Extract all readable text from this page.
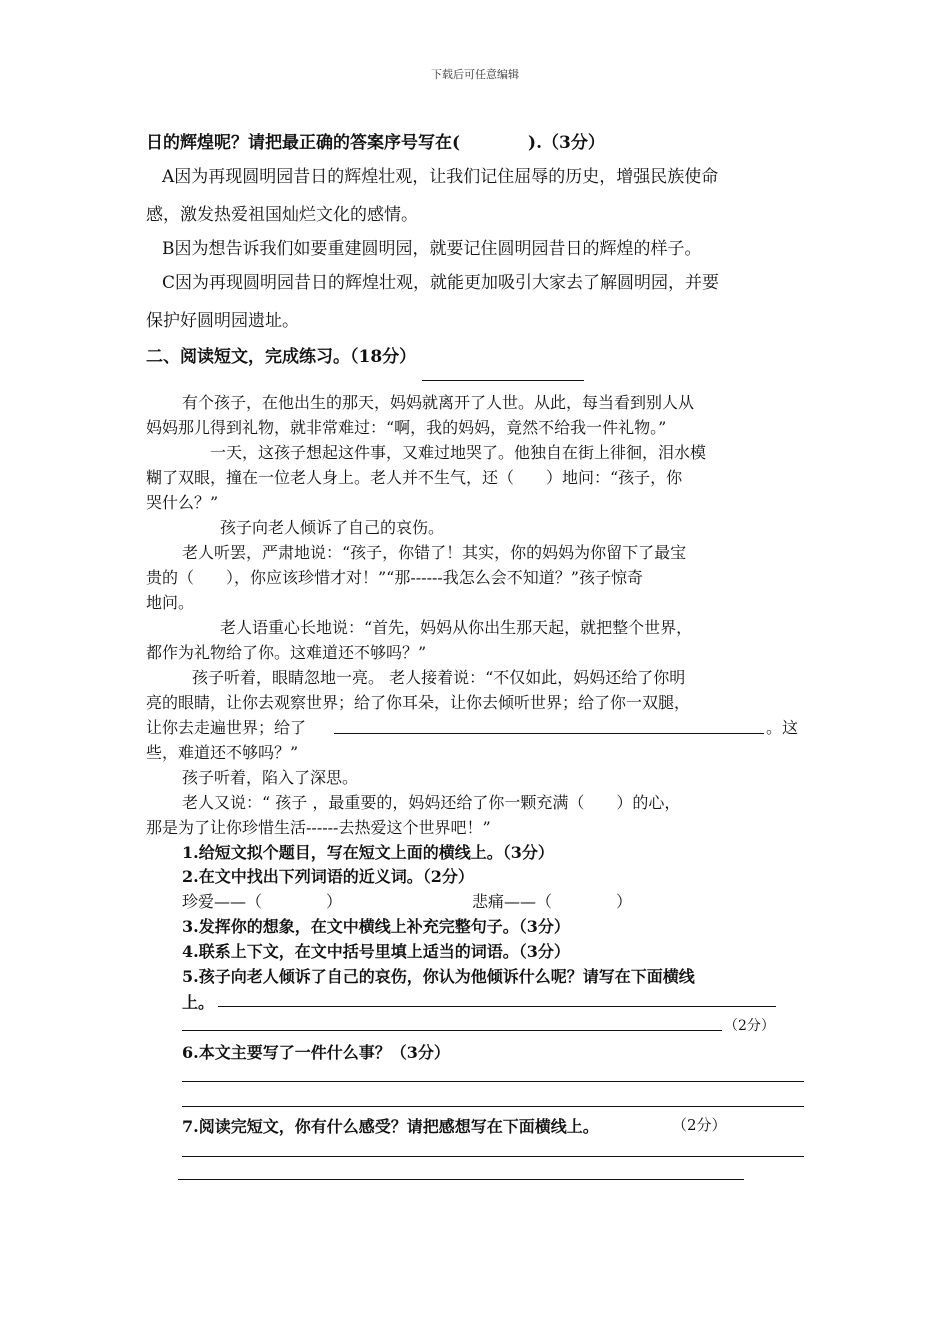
下载后可任意编辑
日的辉煌呢？请把最正确的答案序号写在(　　　　).（3分）
A因为再现圆明园昔日的辉煌壮观，让我们记住屈辱的历史，增强民族使命
感，激发热爱祖国灿烂文化的感情。
B因为想告诉我们如要重建圆明园，就要记住圆明园昔日的辉煌的样子。
C因为再现圆明园昔日的辉煌壮观，就能更加吸引大家去了解圆明园，并要
保护好圆明园遗址。
二、阅读短文，完成练习。（18分）
有个孩子，在他出生的那天，妈妈就离开了人世。从此，每当看到别人从
妈妈那儿得到礼物，就非常难过：“啊，我的妈妈，竟然不给我一件礼物。”
一天，这孩子想起这件事，又难过地哭了。他独自在街上徘徊，泪水模
糊了双眼，撞在一位老人身上。老人并不生气，还（　　）地问：“孩子，你
哭什么？”
孩子向老人倾诉了自己的哀伤。
老人听罢，严肃地说：“孩子，你错了！其实，你的妈妈为你留下了最宝
贵的（　　），你应该珍惜才对！”“那------我怎么会不知道？”孩子惊奇
地问。
老人语重心长地说：“首先，妈妈从你出生那天起，就把整个世界，
都作为礼物给了你。这难道还不够吗？”
孩子听着，眼睛忽地一亮。 老人接着说：“不仅如此，妈妈还给了你明
亮的眼睛，让你去观察世界；给了你耳朵，让你去倾听世界；给了你一双腿，
让你去走遍世界；给了	。这
些，难道还不够吗？”
孩子听着，陷入了深思。
老人又说：“ 孩子 ，最重要的，妈妈还给了你一颗充满（　　）的心，
那是为了让你珍惜生活------去热爱这个世界吧！”
1.给短文拟个题目，写在短文上面的横线上。（3分）
2.在文中找出下列词语的近义词。（2分）
珍爱——（　　　　）	悲痛——（　　　　）
3.发挥你的想象，在文中横线上补充完整句子。（3分）
4.联系上下文，在文中括号里填上适当的词语。（3分）
5.孩子向老人倾诉了自己的哀伤，你认为他倾诉什么呢？请写在下面横线
上。
（2分）
6.本文主要写了一件什么事？（3分）
7.阅读完短文，你有什么感受？请把感想写在下面横线上。	（2分）
